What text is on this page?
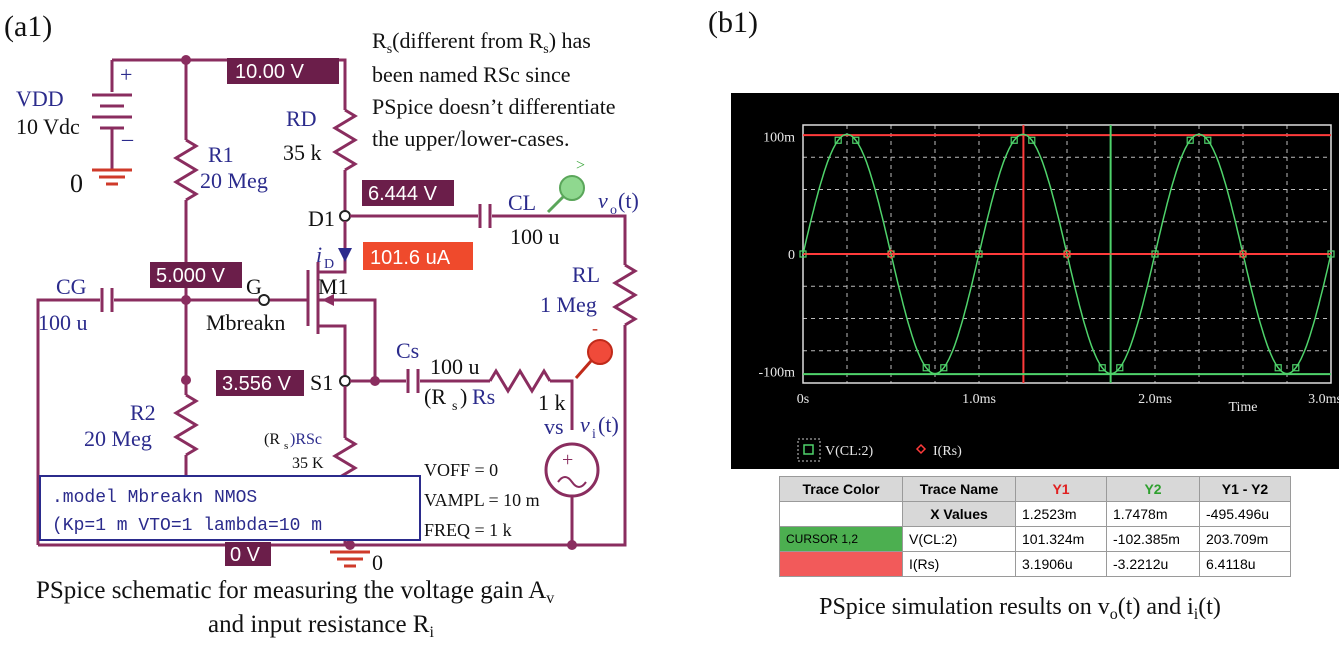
(a1)
+
_
VDD
10 Vdc
0
R1
20 Meg
R2
20 Meg
RD
35 k
D1
CL
100 u
>
v o (t)
RL
1 Meg
M1
Mbreakn
i D
G
CG
100 u
S1
Cs
100 u
(R s ) Rs 1 k
-
v i (t)
vs
+
VOFF = 0
VAMPL = 10 m
FREQ = 1 k
(R s )RSc
35 K
0
.model Mbreakn NMOS
(Kp=1 m VTO=1 lambda=10 m
10.00 V
6.444 V
5.000 V
3.556 V
0 V
101.6 uA
$R_s(different$ from $R_s$) has
been named RSc since
PSpice doesn’t differentiate
the upper/lower-cases.
PSpice schematic for measuring the voltage gain $A_v$
and input resistance $R_i$
(b1)
100m
0
-100m
0s	1.0ms	2.0ms	3.0ms
Time
V(CL:2)	I(Rs)
Trace Color	Trace Name	Y1	Y2	Y1 - Y2
	X Values	1.2523m	1.7478m	-495.496u
CURSOR 1,2	V(CL:2)	101.324m	-102.385m	203.709m
	I(Rs)	3.1906u	-3.2212u	6.4118u
PSpice simulation results on $v_o(t)$ and $i_i(t)$
